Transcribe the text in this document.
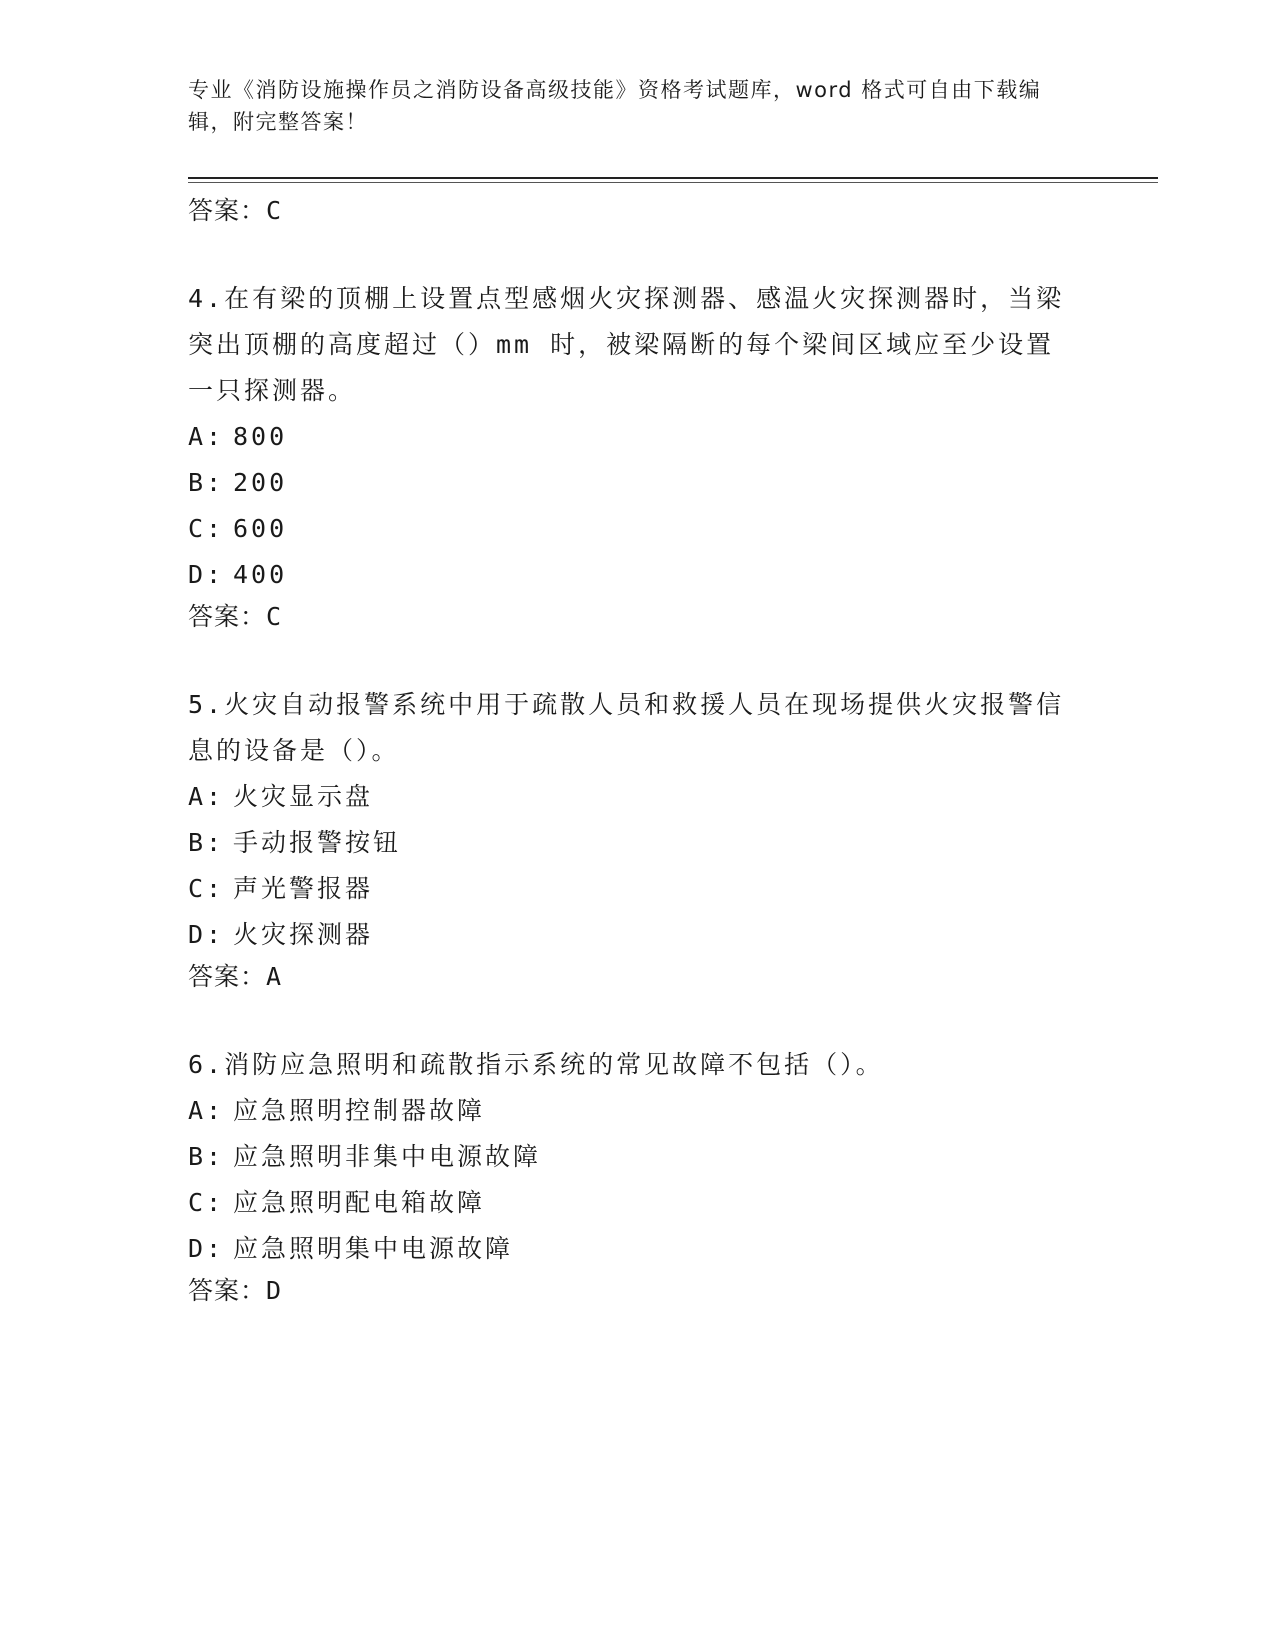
专业《消防设施操作员之消防设备高级技能》资格考试题库，word 格式可自由下载编辑，附完整答案！
答案：C
4.在有梁的顶棚上设置点型感烟火灾探测器、感温火灾探测器时，当梁突出顶棚的高度超过（）mm 时，被梁隔断的每个梁间区域应至少设置一只探测器。
A: 800
B: 200
C: 600
D: 400
答案：C
5.火灾自动报警系统中用于疏散人员和救援人员在现场提供火灾报警信息的设备是（）。
A: 火灾显示盘
B: 手动报警按钮
C: 声光警报器
D: 火灾探测器
答案：A
6.消防应急照明和疏散指示系统的常见故障不包括（）。
A: 应急照明控制器故障
B: 应急照明非集中电源故障
C: 应急照明配电箱故障
D: 应急照明集中电源故障
答案：D
